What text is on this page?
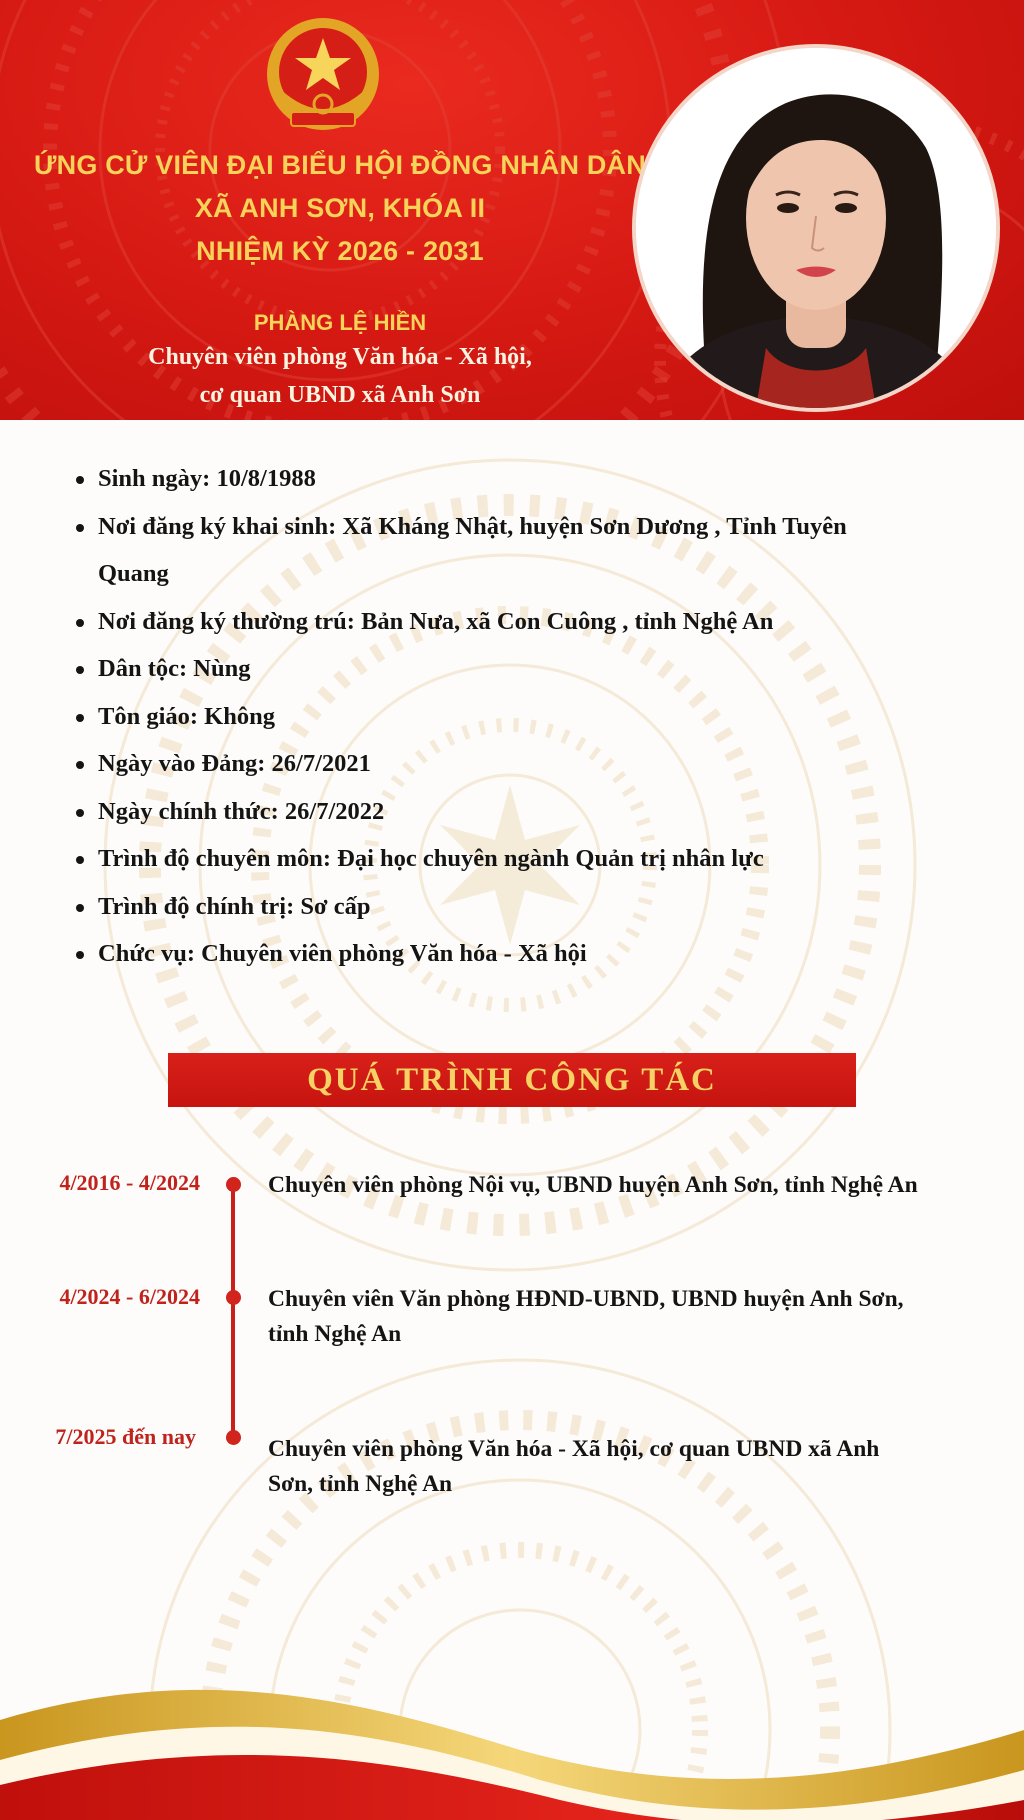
ỨNG CỬ VIÊN ĐẠI BIỂU HỘI ĐỒNG NHÂN DÂN
XÃ ANH SƠN, KHÓA II
NHIỆM KỲ 2026 - 2031
PHÀNG LỆ HIỀN
Chuyên viên phòng Văn hóa - Xã hội,
cơ quan UBND xã Anh Sơn
Sinh ngày: 10/8/1988
Nơi đăng ký khai sinh: Xã Kháng Nhật, huyện Sơn Dương , Tỉnh Tuyên
Quang
Nơi đăng ký thường trú: Bản Nưa, xã Con Cuông , tỉnh Nghệ An
Dân tộc: Nùng
Tôn giáo: Không
Ngày vào Đảng: 26/7/2021
Ngày chính thức: 26/7/2022
Trình độ chuyên môn: Đại học chuyên ngành Quản trị nhân lực
Trình độ chính trị: Sơ cấp
Chức vụ: Chuyên viên phòng Văn hóa - Xã hội
QUÁ TRÌNH CÔNG TÁC
4/2016 - 4/2024	Chuyên viên phòng Nội vụ, UBND huyện Anh Sơn, tỉnh Nghệ An
4/2024 - 6/2024	Chuyên viên Văn phòng HĐND-UBND, UBND huyện Anh Sơn,
tỉnh Nghệ An
7/2025 đến nay	Chuyên viên phòng Văn hóa - Xã hội, cơ quan UBND xã Anh
Sơn, tỉnh Nghệ An
